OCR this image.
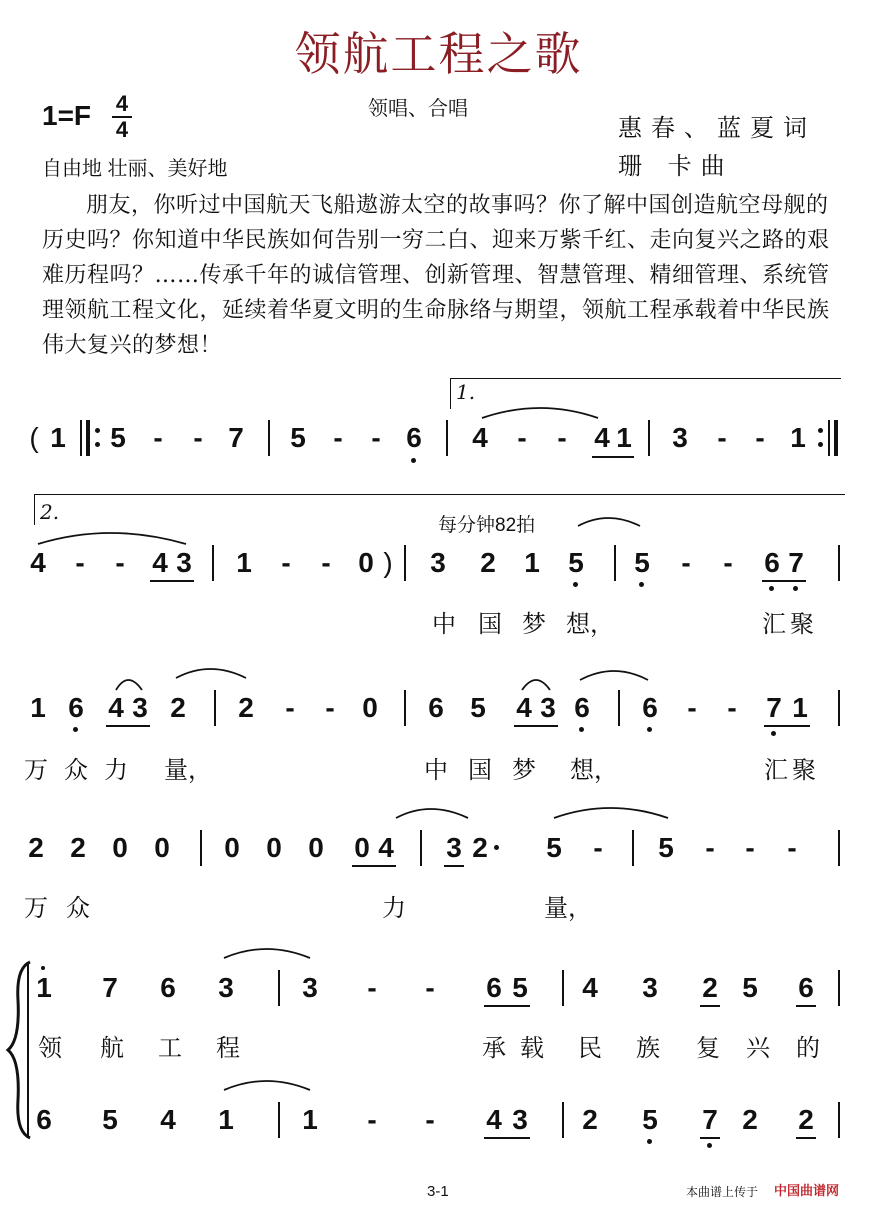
领航工程之歌
$1=F \frac{4}{4}$	领唱、合唱
惠春、蓝夏词
珊 卡曲
自由地 壮丽、美好地
朋友，你听过中国航天飞船遨游太空的故事吗？你了解中国创造航空母舰的历史吗？你知道中华民族如何告别一穷二白、迎来万紫千红、走向复兴之路的艰难历程吗？……传承千年的诚信管理、创新管理、智慧管理、精细管理、系统管理领航工程文化，延续着华夏文明的生命脉络与期望，领航工程承载着中华民族伟大复兴的梦想！
( 1 5 - - 7 5 - - 6
1.
4 - - 4 1 3 - - 1
2.
每分钟82拍
4 - - 4 3 1 - - 0 ) 3 2 1 5 5 - - 6 7
中 国 梦 想，	汇 聚
1 6 4 3 2 2 - - 0 6 5 4 3 6 6 - - 7 1
万 众 力 量，	中 国 梦 想，	汇 聚
2 2 0 0 0 0 0 0 4 3 2 5 - 5 - - -
万 众	力	量，
1 7 6 3 3 - - 6 5 4 3 2 5 6
领 航 工 程	承 载 民 族 复 兴 的
6 5 4 1 1 - - 4 3 2 5 7 2 2
3-1	本曲谱上传于 中国曲谱网
